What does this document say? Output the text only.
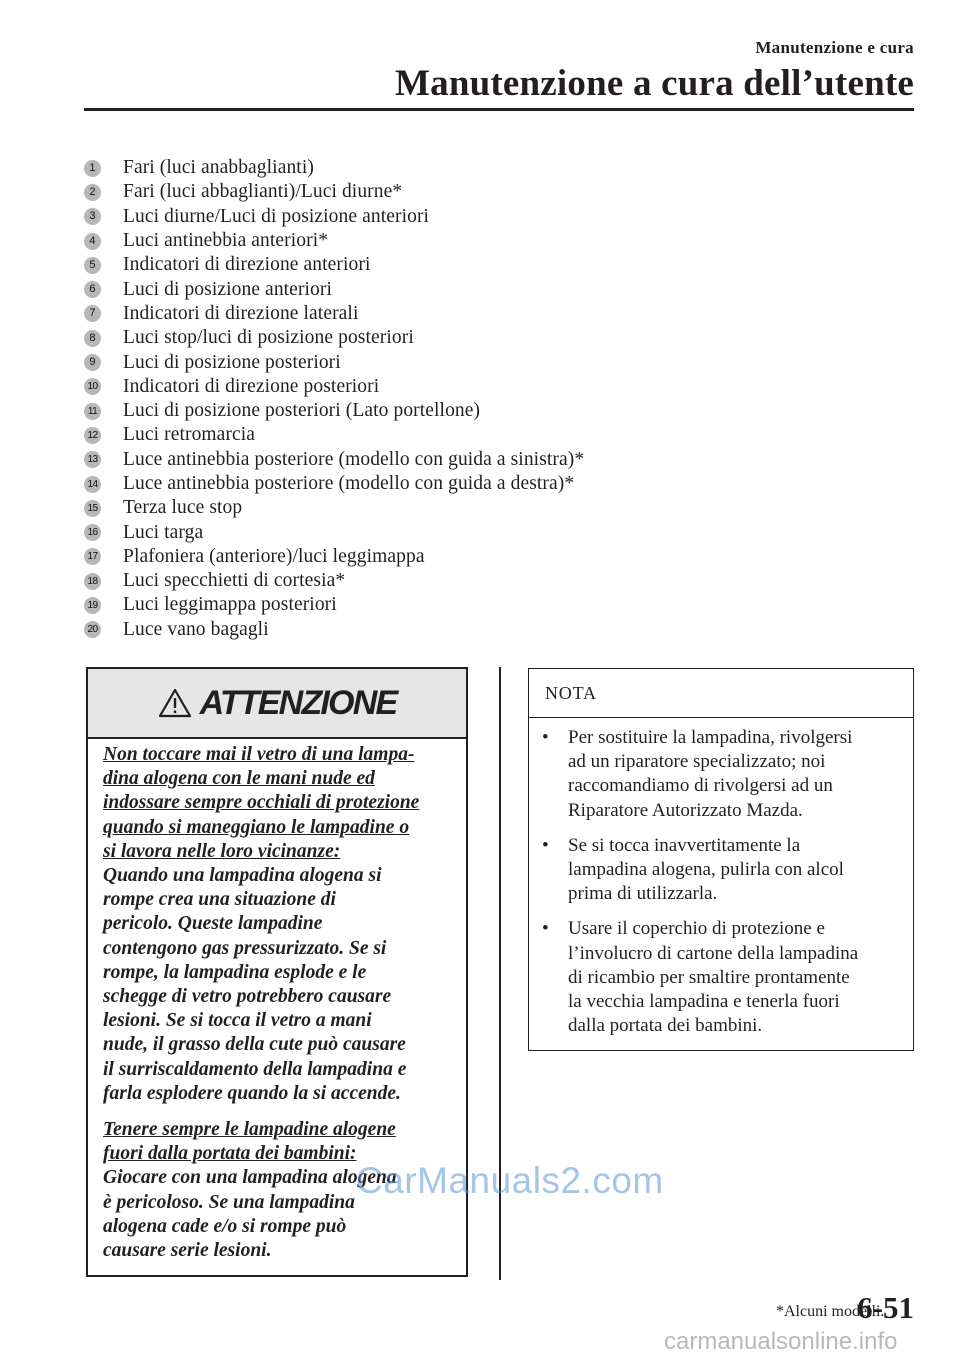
Manutenzione e cura
Manutenzione a cura dell’utente
1 Fari (luci anabbaglianti)
2 Fari (luci abbaglianti)/Luci diurne*
3 Luci diurne/Luci di posizione anteriori
4 Luci antinebbia anteriori*
5 Indicatori di direzione anteriori
6 Luci di posizione anteriori
7 Indicatori di direzione laterali
8 Luci stop/luci di posizione posteriori
9 Luci di posizione posteriori
10 Indicatori di direzione posteriori
11 Luci di posizione posteriori (Lato portellone)
12 Luci retromarcia
13 Luce antinebbia posteriore (modello con guida a sinistra)*
14 Luce antinebbia posteriore (modello con guida a destra)*
15 Terza luce stop
16 Luci targa
17 Plafoniera (anteriore)/luci leggimappa
18 Luci specchietti di cortesia*
19 Luci leggimappa posteriori
20 Luce vano bagagli
ATTENZIONE

Non toccare mai il vetro di una lampa-

dina alogena con le mani nude ed

indossare sempre occhiali di protezione

quando si maneggiano le lampadine o

si lavora nelle loro vicinanze:

Quando una lampadina alogena si

rompe crea una situazione di

pericolo. Queste lampadine

contengono gas pressurizzato. Se si

rompe, la lampadina esplode e le

schegge di vetro potrebbero causare

lesioni. Se si tocca il vetro a mani

nude, il grasso della cute può causare

il surriscaldamento della lampadina e

farla esplodere quando la si accende.

Tenere sempre le lampadine alogene

fuori dalla portata dei bambini:

Giocare con una lampadina alogena

è pericoloso. Se una lampadina

alogena cade e/o si rompe può

causare serie lesioni.

NOTA
•	Per sostituire la lampadina, rivolgersi
ad un riparatore specializzato; noi
raccomandiamo di rivolgersi ad un
Riparatore Autorizzato Mazda.
•	Se si tocca inavvertitamente la
lampadina alogena, pulirla con alcol
prima di utilizzarla.
•	Usare il coperchio di protezione e
l’involucro di cartone della lampadina
di ricambio per smaltire prontamente
la vecchia lampadina e tenerla fuori
dalla portata dei bambini.
CarManuals2.com
*Alcuni modelli.
6-51
carmanualsonline.info
